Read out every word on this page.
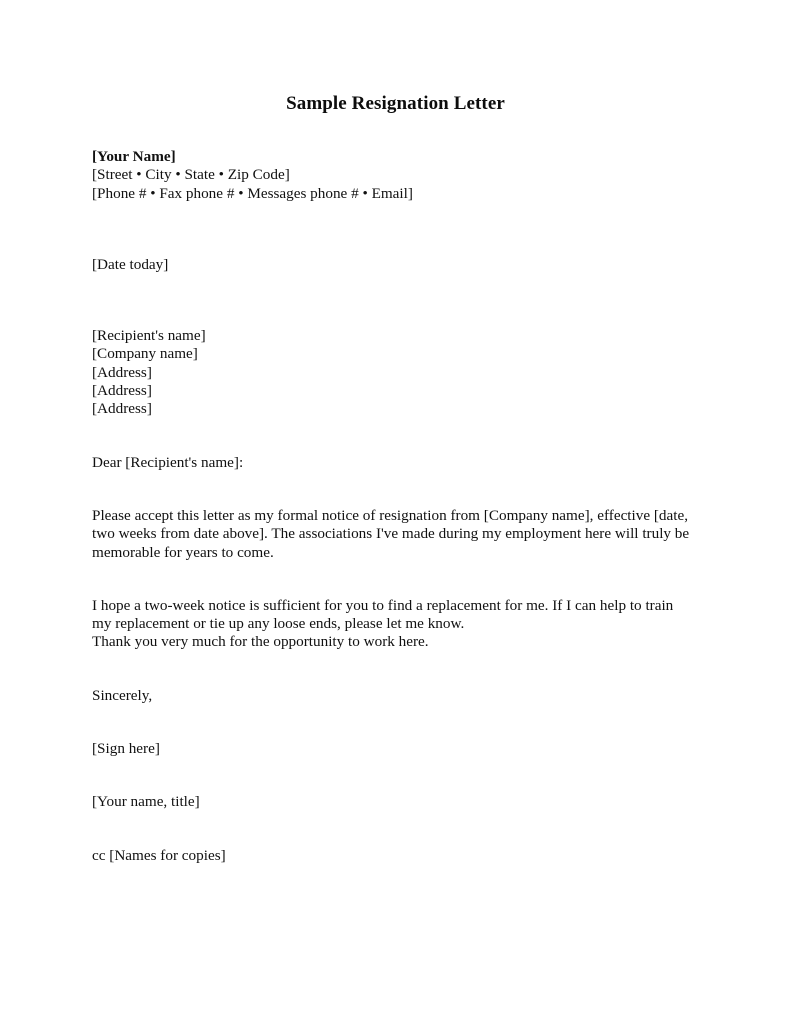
Sample Resignation Letter
[Your Name]
[Street • City • State • Zip Code]
[Phone # • Fax phone # • Messages phone # • Email]
[Date today]
[Recipient's name]
[Company name]
[Address]
[Address]
[Address]
Dear [Recipient's name]:

Please accept this letter as my formal notice of resignation from [Company name], effective [date, two weeks from date above]. The associations I've made during my employment here will truly be memorable for years to come.

I hope a two-week notice is sufficient for you to find a replacement for me. If I can help to train my replacement or tie up any loose ends, please let me know.

Thank you very much for the opportunity to work here.

Sincerely,
[Sign here]
[Your name, title]
cc [Names for copies]
